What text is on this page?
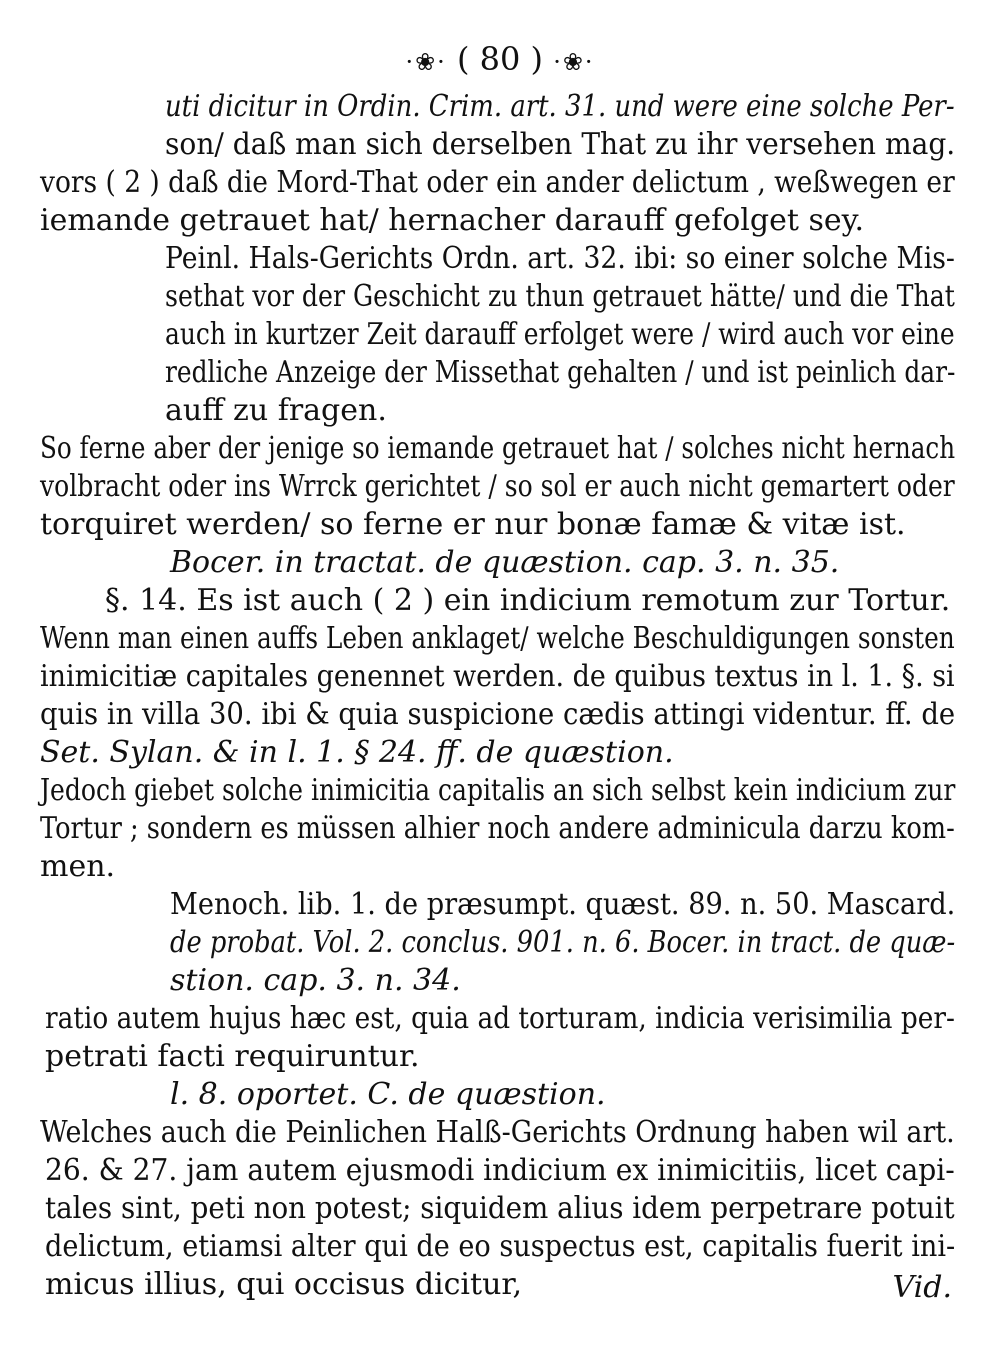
·❀· ( 80 ) ·❀·
uti dicitur in Ordin. Crim. art. 31. und were eine solche Per-
son/ daß man sich derselben That zu ihr versehen mag.
vors ( 2 ) daß die Mord-That oder ein ander delictum , weßwegen er
iemande getrauet hat/ hernacher darauff gefolget sey.
Peinl. Hals-Gerichts Ordn. art. 32. ibi: so einer solche Mis-
sethat vor der Geschicht zu thun getrauet hätte/ und die That
auch in kurtzer Zeit darauff erfolget were / wird auch vor eine
redliche Anzeige der Missethat gehalten / und ist peinlich dar-
auff zu fragen.
So ferne aber der jenige so iemande getrauet hat / solches nicht hernach
volbracht oder ins Wrrck gerichtet / so sol er auch nicht gemartert oder
torquiret werden/ so ferne er nur bonæ famæ & vitæ ist.
Bocer. in tractat. de quæstion. cap. 3. n. 35.
§. 14. Es ist auch ( 2 ) ein indicium remotum zur Tortur.
Wenn man einen auffs Leben anklaget/ welche Beschuldigungen sonsten
inimicitiæ capitales genennet werden. de quibus textus in l. 1. §. si
quis in villa 30. ibi & quia suspicione cædis attingi videntur. ff. de
Set. Sylan. & in l. 1. § 24. ff. de quæstion.
Jedoch giebet solche inimicitia capitalis an sich selbst kein indicium zur
Tortur ; sondern es müssen alhier noch andere adminicula darzu kom-
men.
Menoch. lib. 1. de præsumpt. quæst. 89. n. 50. Mascard.
de probat. Vol. 2. conclus. 901. n. 6. Bocer. in tract. de quæ-
stion. cap. 3. n. 34.
ratio autem hujus hæc est, quia ad torturam, indicia verisimilia per-
petrati facti requiruntur.
l. 8. oportet. C. de quæstion.
Welches auch die Peinlichen Halß-Gerichts Ordnung haben wil art.
26. & 27. jam autem ejusmodi indicium ex inimicitiis, licet capi-
tales sint, peti non potest; siquidem alius idem perpetrare potuit
delictum, etiamsi alter qui de eo suspectus est, capitalis fuerit ini-
micus illius, qui occisus dicitur,	Vid.
